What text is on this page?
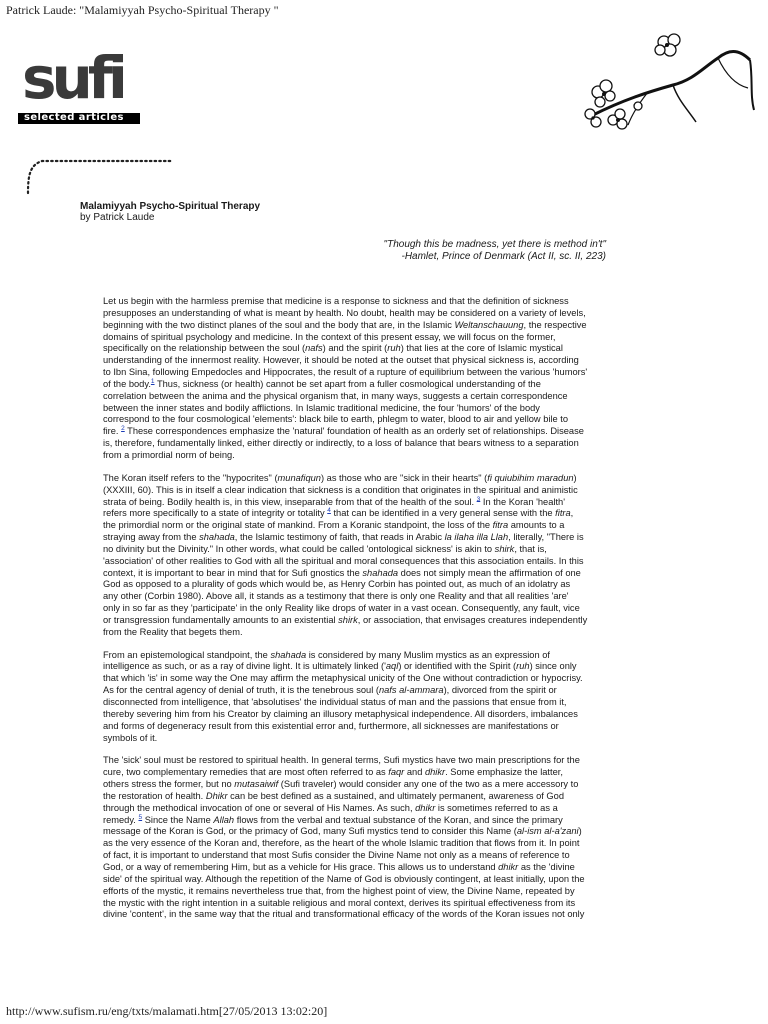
Patrick Laude: "Malamiyyah Psycho-Spiritual Therapy "
sufi
selected articles
Malamiyyah Psycho-Spiritual Therapy
by Patrick Laude
"Though this be madness, yet there is method in't"
-Hamlet, Prince of Denmark (Act II, sc. II, 223)
Let us begin with the harmless premise that medicine is a response to sickness and that the definition of sickness
presupposes an understanding of what is meant by health. No doubt, health may be considered on a variety of levels,
beginning with the two distinct planes of the soul and the body that are, in the Islamic Weltanschauung, the respective
domains of spiritual psychology and medicine. In the context of this present essay, we will focus on the former,
specifically on the relationship between the soul (nafs) and the spirit (ruh) that lies at the core of Islamic mystical
understanding of the innermost reality. However, it should be noted at the outset that physical sickness is, according
to Ibn Sina, following Empedocles and Hippocrates, the result of a rupture of equilibrium between the various 'humors'
of the body.$^1$ Thus, sickness (or health) cannot be set apart from a fuller cosmological understanding of the
correlation between the anima and the physical organism that, in many ways, suggests a certain correspondence
between the inner states and bodily afflictions. In Islamic traditional medicine, the four 'humors' of the body
correspond to the four cosmological 'elements': black bile to earth, phlegm to water, blood to air and yellow bile to
fire. $^2$ These correspondences emphasize the 'natural' foundation of health as an orderly set of relationships. Disease
is, therefore, fundamentally linked, either directly or indirectly, to a loss of balance that bears witness to a separation
from a primordial norm of being.
The Koran itself refers to the "hypocrites" (munafiqun) as those who are "sick in their hearts" (fi quiubihim maradun)
(XXXIII, 60). This is in itself a clear indication that sickness is a condition that originates in the spiritual and animistic
strata of being. Bodily health is, in this view, inseparable from that of the health of the soul. $^3$ In the Koran 'health'
refers more specifically to a state of integrity or totality $^4$ that can be identified in a very general sense with the fitra,
the primordial norm or the original state of mankind. From a Koranic standpoint, the loss of the fitra amounts to a
straying away from the shahada, the Islamic testimony of faith, that reads in Arabic la ilaha illa Llah, literally, "There is
no divinity but the Divinity." In other words, what could be called 'ontological sickness' is akin to shirk, that is,
'association' of other realities to God with all the spiritual and moral consequences that this association entails. In this
context, it is important to bear in mind that for Sufi gnostics the shahada does not simply mean the affirmation of one
God as opposed to a plurality of gods which would be, as Henry Corbin has pointed out, as much of an idolatry as
any other (Corbin 1980). Above all, it stands as a testimony that there is only one Reality and that all realities 'are'
only in so far as they 'participate' in the only Reality like drops of water in a vast ocean. Consequently, any fault, vice
or transgression fundamentally amounts to an existential shirk, or association, that envisages creatures independently
from the Reality that begets them.
From an epistemological standpoint, the shahada is considered by many Muslim mystics as an expression of
intelligence as such, or as a ray of divine light. It is ultimately linked ('aql) or identified with the Spirit (ruh) since only
that which 'is' in some way the One may affirm the metaphysical unicity of the One without contradiction or hypocrisy.
As for the central agency of denial of truth, it is the tenebrous soul (nafs al-ammara), divorced from the spirit or
disconnected from intelligence, that 'absolutises' the individual status of man and the passions that ensue from it,
thereby severing him from his Creator by claiming an illusory metaphysical independence. All disorders, imbalances
and forms of degeneracy result from this existential error and, furthermore, all sicknesses are manifestations or
symbols of it.
The 'sick' soul must be restored to spiritual health. In general terms, Sufi mystics have two main prescriptions for the
cure, two complementary remedies that are most often referred to as faqr and dhikr. Some emphasize the latter,
others stress the former, but no mutasaiwif (Sufi traveler) would consider any one of the two as a mere accessory to
the restoration of health. Dhikr can be best defined as a sustained, and ultimately permanent, awareness of God
through the methodical invocation of one or several of His Names. As such, dhikr is sometimes referred to as a
remedy. $^5$ Since the Name Allah flows from the verbal and textual substance of the Koran, and since the primary
message of the Koran is God, or the primacy of God, many Sufi mystics tend to consider this Name (al-ism al-a'zani)
as the very essence of the Koran and, therefore, as the heart of the whole Islamic tradition that flows from it. In point
of fact, it is important to understand that most Sufis consider the Divine Name not only as a means of reference to
God, or a way of remembering Him, but as a vehicle for His grace. This allows us to understand dhikr as the 'divine
side' of the spiritual way. Although the repetition of the Name of God is obviously contingent, at least initially, upon the
efforts of the mystic, it remains nevertheless true that, from the highest point of view, the Divine Name, repeated by
the mystic with the right intention in a suitable religious and moral context, derives its spiritual effectiveness from its
divine 'content', in the same way that the ritual and transformational efficacy of the words of the Koran issues not only
http://www.sufism.ru/eng/txts/malamati.htm[27/05/2013 13:02:20]
